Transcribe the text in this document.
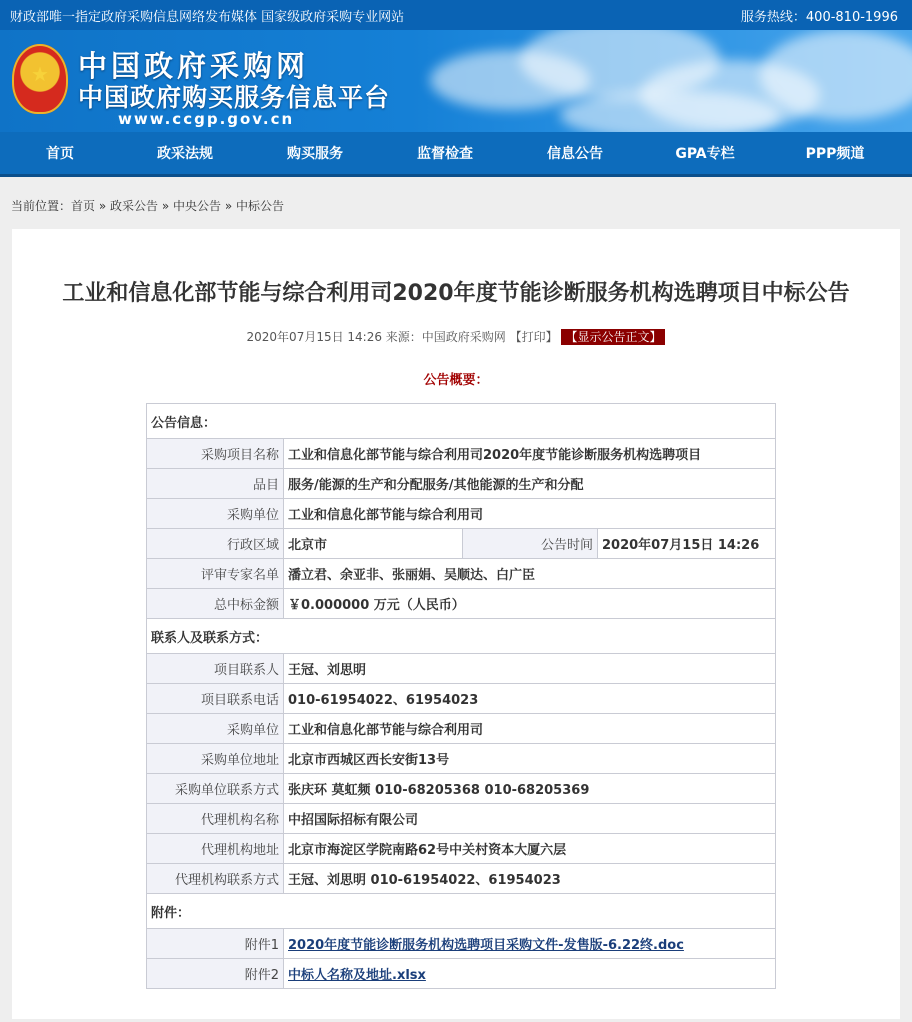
财政部唯一指定政府采购信息网络发布媒体 国家级政府采购专业网站	服务热线：400-810-1996
★	中国政府采购网
中国政府购买服务信息平台
www.ccgp.gov.cn
首页	政采法规	购买服务	监督检查	信息公告	GPA专栏	PPP频道
当前位置：首页 » 政采公告 » 中央公告 » 中标公告
工业和信息化部节能与综合利用司2020年度节能诊断服务机构选聘项目中标公告
2020年07月15日 14:26 来源：中国政府采购网 【打印】 【显示公告正文】
公告概要：
公告信息：			
采购项目名称	工业和信息化部节能与综合利用司2020年度节能诊断服务机构选聘项目		
品目	服务/能源的生产和分配服务/其他能源的生产和分配		
采购单位	工业和信息化部节能与综合利用司		
行政区域	北京市	公告时间	2020年07月15日 14:26
评审专家名单	潘立君、余亚非、张丽娟、吴顺达、白广臣		
总中标金额	￥0.000000 万元（人民币）		
联系人及联系方式：			
项目联系人	王冠、刘思明		
项目联系电话	010-61954022、61954023		
采购单位	工业和信息化部节能与综合利用司		
采购单位地址	北京市西城区西长安街13号		
采购单位联系方式	张庆环 莫虹频 010-68205368 010-68205369		
代理机构名称	中招国际招标有限公司		
代理机构地址	北京市海淀区学院南路62号中关村资本大厦六层		
代理机构联系方式	王冠、刘思明 010-61954022、61954023		
附件：			
附件1	2020年度节能诊断服务机构选聘项目采购文件-发售版-6.22终.doc		
附件2	中标人名称及地址.xlsx		
